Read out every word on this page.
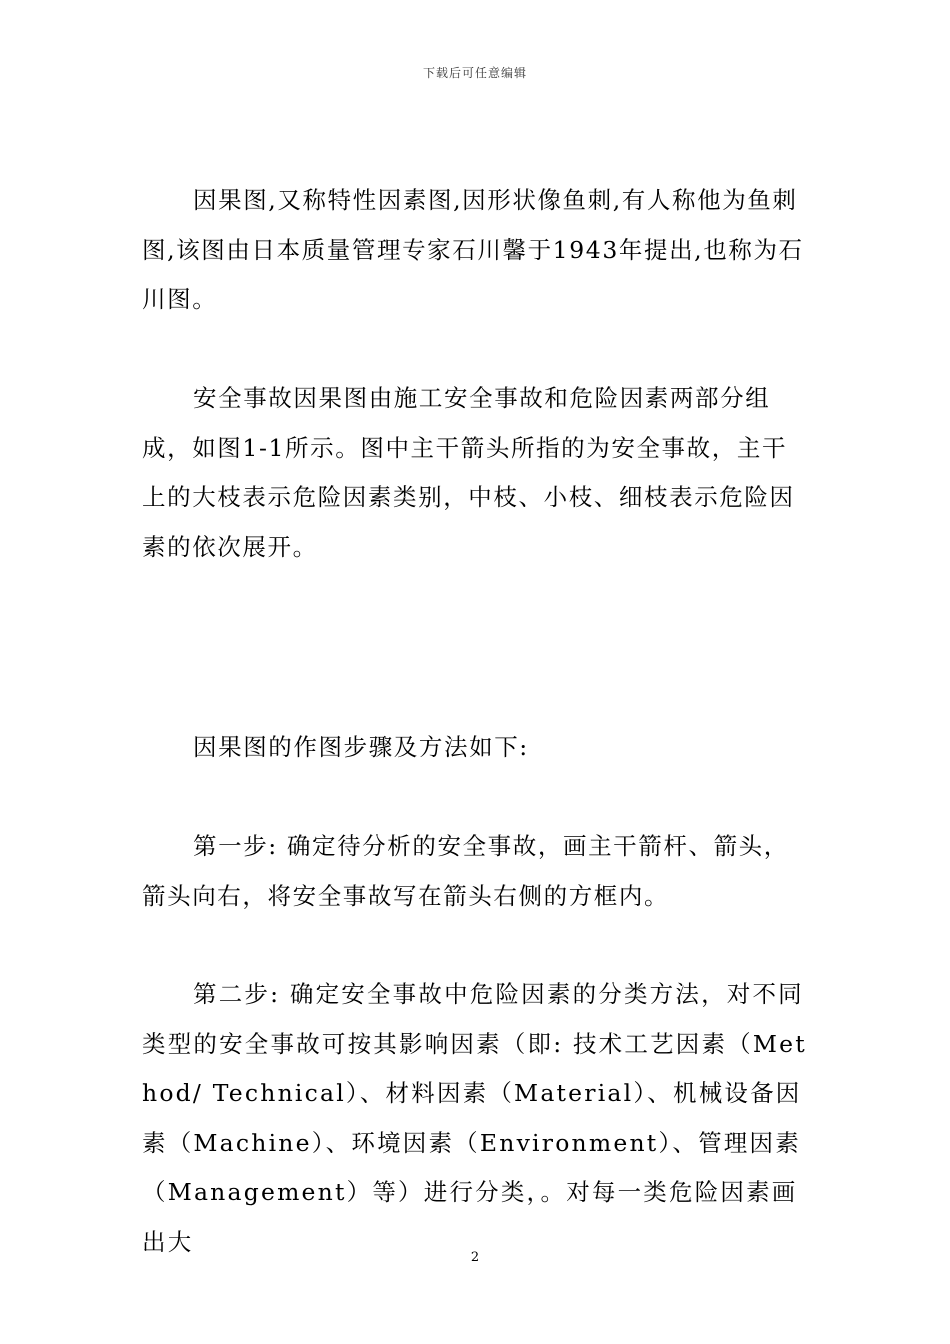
下载后可任意编辑

因果图,又称特性因素图,因形状像鱼刺,有人称他为鱼刺图,该图由日本质量管理专家石川馨于1943年提出,也称为石川图。

安全事故因果图由施工安全事故和危险因素两部分组成，如图1-1所示。图中主干箭头所指的为安全事故，主干上的大枝表示危险因素类别，中枝、小枝、细枝表示危险因素的依次展开。

因果图的作图步骤及方法如下:

第一步: 确定待分析的安全事故，画主干箭杆、箭头，箭头向右，将安全事故写在箭头右侧的方框内。

第二步: 确定安全事故中危险因素的分类方法，对不同类型的安全事故可按其影响因素（即: 技术工艺因素（Method/ Technical）、材料因素（Material）、机械设备因素（Machine）、环境因素（Environment）、管理因素（Management）等）进行分类，。对每一类危险因素画出大

2
